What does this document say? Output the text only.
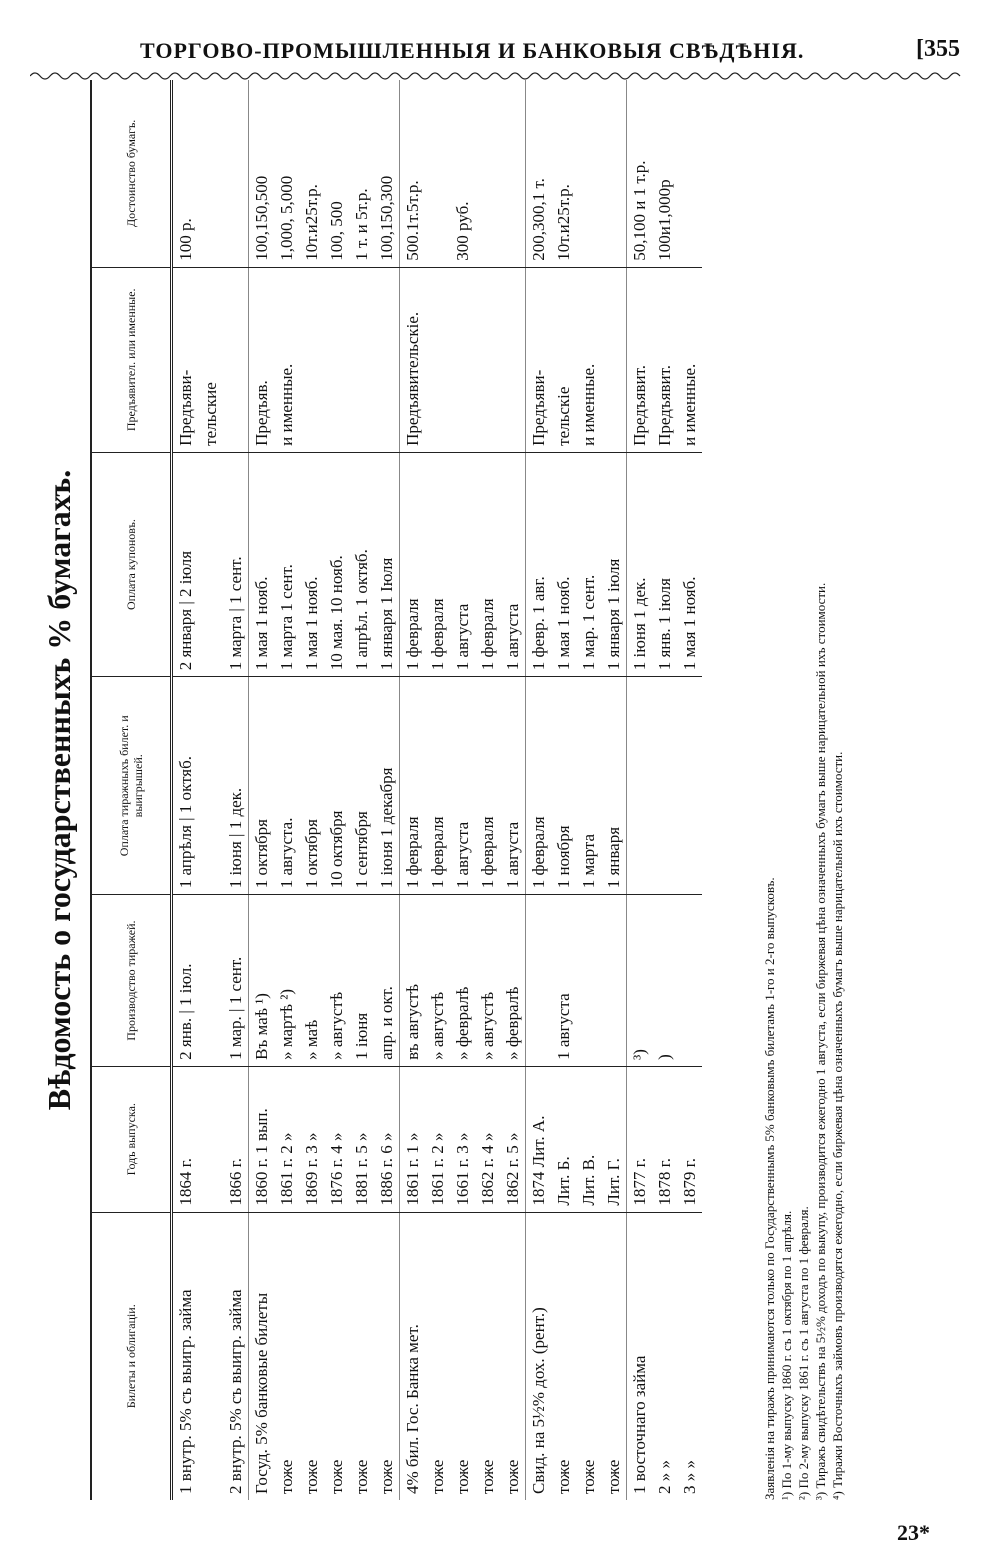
ТОРГОВО-ПРОМЫШЛЕННЫЯ И БАНКОВЫЯ СВѢДѢНІЯ.	[355
Вѣдомость о государственныхъ % бумагахъ.
Билеты и облигаціи.	Годъ выпуска.	Производство тиражей.	Оплата тиражныхъ билет. и выигрышей.	Оплата купоновъ.	Предъявител. или именные.	Достоинство бумагъ.
1 внутр. 5% съ выигр. займа	1864 г.	2 янв. | 1 іюл.	1 апрѣля | 1 октяб.	2 января | 2 іюля	Предъяви-	100 р.
					тельские	
2 внутр. 5% съ выигр. займа	1866 г.	1 мар. | 1 сент.	1 іюня | 1 дек.	1 марта | 1 сент.		
Госуд. 5% банковые билеты	1860 г. 1 вып.	Въ маѣ ¹)	1 октября	1 мая 1 нояб.	Предъяв.	100,150,500
тоже	1861 г. 2 »	» мартѣ ²)	1 августа.	1 марта 1 сент.	и именные.	1,000, 5,000
тоже	1869 г. 3 »	» маѣ	1 октября	1 мая 1 нояб.		10т.и25т.р.
тоже	1876 г. 4 »	» августѣ	10 октября	10 мая. 10 нояб.		100, 500
тоже	1881 г. 5 »	1 іюня	1 сентября	1 апрѣл. 1 октяб.		1 т. и 5т.р.
тоже	1886 г. 6 »	апр. и окт.	1 іюня 1 декабря	1 января 1 Іюля		100,150,300
4% бил. Гос. Банка мет.	1861 г. 1 »	въ августѣ	1 февраля	1 февраля	Предъявительскіе.	500.1т.5т.р.
тоже	1861 г. 2 »	» августѣ	1 февраля	1 февраля		
тоже	1661 г. 3 »	» февралѣ	1 августа	1 августа		300 руб.
тоже	1862 г. 4 »	» августѣ	1 февраля	1 февраля		
тоже	1862 г. 5 »	» февралѣ	1 августа	1 августа		
Свид. на 5½% дох. (рент.)	1874 Лит. А.		1 февраля	1 февр. 1 авг.	Предъяви-	200,300,1 т.
тоже	Лит. Б.	1 августа	1 ноября	1 мая 1 нояб.	тельскіе	10т.и25т.р.
тоже	Лит. В.		1 марта	1 мар. 1 сент.	и именные.	
тоже	Лит. Г.		1 января	1 января 1 іюля		
1 восточнаго займа	1877 г.	³)		1 іюня 1 дек.	Предъявит.	50,100 и 1 т.р.
2 » »	1878 г.	)		1 янв. 1 іюля	Предъявит.	100и1,000р
3 » »	1879 г.			1 мая 1 нояб.	и именные.	

Заявленія на тиражъ принимаются только по Государственнымъ 5% банковымъ билетамъ 1-го и 2-го выпусковъ. ¹) По 1-му выпуску 1860 г. съ 1 октября по 1 апрѣля. ²) По 2-му выпуску 1861 г. съ 1 августа по 1 февраля. ³) Тиражъ свидѣтельствъ на 5½% доходъ по выкупу, производится ежегодно 1 августа, если биржевая цѣна означенныхъ бумагъ выше нарицательной ихъ стоимости. ⁴) Тиражи Восточныхъ займовъ производятся ежегодно, если биржевая цѣна означенныхъ бумагъ выше нарицательной ихъ стоимости.

23*
